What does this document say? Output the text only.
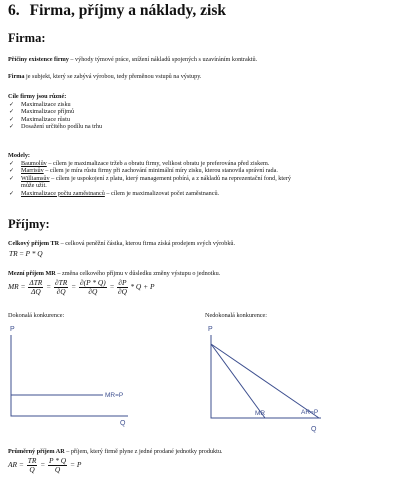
6. Firma, příjmy a náklady, zisk
Firma:
Příčiny existence firmy – výhody týmové práce, snížení nákladů spojených s uzavíráním kontraktů.
Firma je subjekt, který se zabývá výrobou, tedy přeměnou vstupů na výstupy.
Cíle firmy jsou různé:
✓ Maximalizace zisku
✓ Maximalizace příjmů
✓ Maximalizace růstu
✓ Dosažení určitého podílu na trhu
Modely:
✓ Baumolův – cílem je maximalizace tržeb a obratu firmy, velikost obratu je preferována před ziskem.
✓ Marrisův – cílem je míra růstu firmy při zachování minimální míry zisku, kterou stanovila správní rada.
✓ Williamsův – cílem je uspokojení z platu, který management pobírá, a z nákladů na reprezentační fond, který
může užít.
✓ Maximalizace počtu zaměstnanců – cílem je maximalizovat počet zaměstnanců.
Příjmy:
Celkový příjem TR – celková peněžní částka, kterou firma získá prodejem svých výrobků.
TR = P * Q
Mezní příjem MR – změna celkového příjmu v důsledku změny výstupu o jednotku.
MR = $\frac{\text{ΔTR}}{\Delta Q} = \frac{\partial TR}{\partial Q} = \frac{\partial(P * Q)}{\partial Q} = \frac{\partial P}{\partial Q} * Q + P$
Dokonalá konkurence:	Nedokonalá konkurence:
P
Q
MR=P
P
Q
MR	AR=P
Průměrný příjem AR – příjem, který firmě plyne z jedné prodané jednotky produktu.
AR = $\frac{TR}{Q} = \frac{P * Q}{Q} = P$
